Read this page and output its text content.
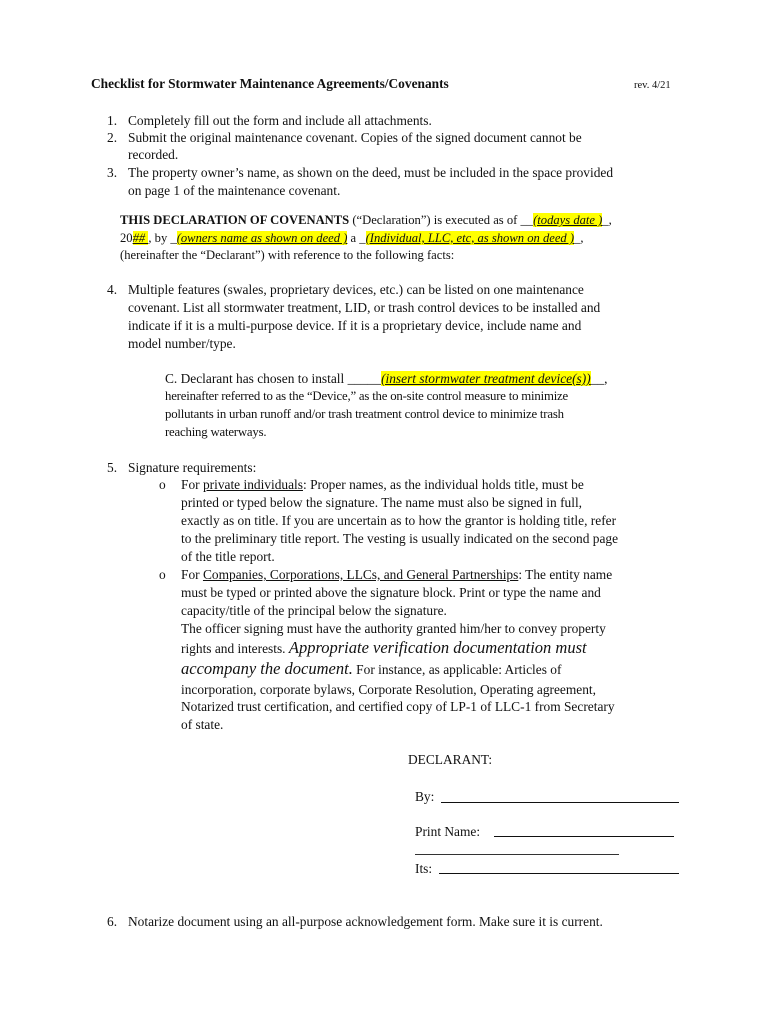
Checklist for Stormwater Maintenance Agreements/Covenants	rev. 4/21
1. Completely fill out the form and include all attachments.
2. Submit the original maintenance covenant. Copies of the signed document cannot be
recorded.
3. The property owner’s name, as shown on the deed, must be included in the space provided
on page 1 of the maintenance covenant.
THIS DECLARATION OF COVENANTS (“Declaration”) is executed as of __(todays date )_,
20## , by _(owners name as shown on deed ) a _(Individual, LLC, etc, as shown on deed )_,
(hereinafter the “Declarant”) with reference to the following facts:
4. Multiple features (swales, proprietary devices, etc.) can be listed on one maintenance
covenant. List all stormwater treatment, LID, or trash control devices to be installed and
indicate if it is a multi-purpose device. If it is a proprietary device, include name and
model number/type.
C. Declarant has chosen to install _____(insert stormwater treatment device(s))__,
hereinafter referred to as the “Device,” as the on-site control measure to minimize
pollutants in urban runoff and/or trash treatment control device to minimize trash
reaching waterways.
5. Signature requirements:
o For private individuals: Proper names, as the individual holds title, must be
printed or typed below the signature. The name must also be signed in full,
exactly as on title. If you are uncertain as to how the grantor is holding title, refer
to the preliminary title report. The vesting is usually indicated on the second page
of the title report.
o For Companies, Corporations, LLCs, and General Partnerships: The entity name
must be typed or printed above the signature block. Print or type the name and
capacity/title of the principal below the signature.
The officer signing must have the authority granted him/her to convey property
rights and interests. Appropriate verification documentation must
accompany the document. For instance, as applicable: Articles of
incorporation, corporate bylaws, Corporate Resolution, Operating agreement,
Notarized trust certification, and certified copy of LP-1 of LLC-1 from Secretary
of state.
DECLARANT:
By:
Print Name:
Its:
6. Notarize document using an all-purpose acknowledgement form. Make sure it is current.
